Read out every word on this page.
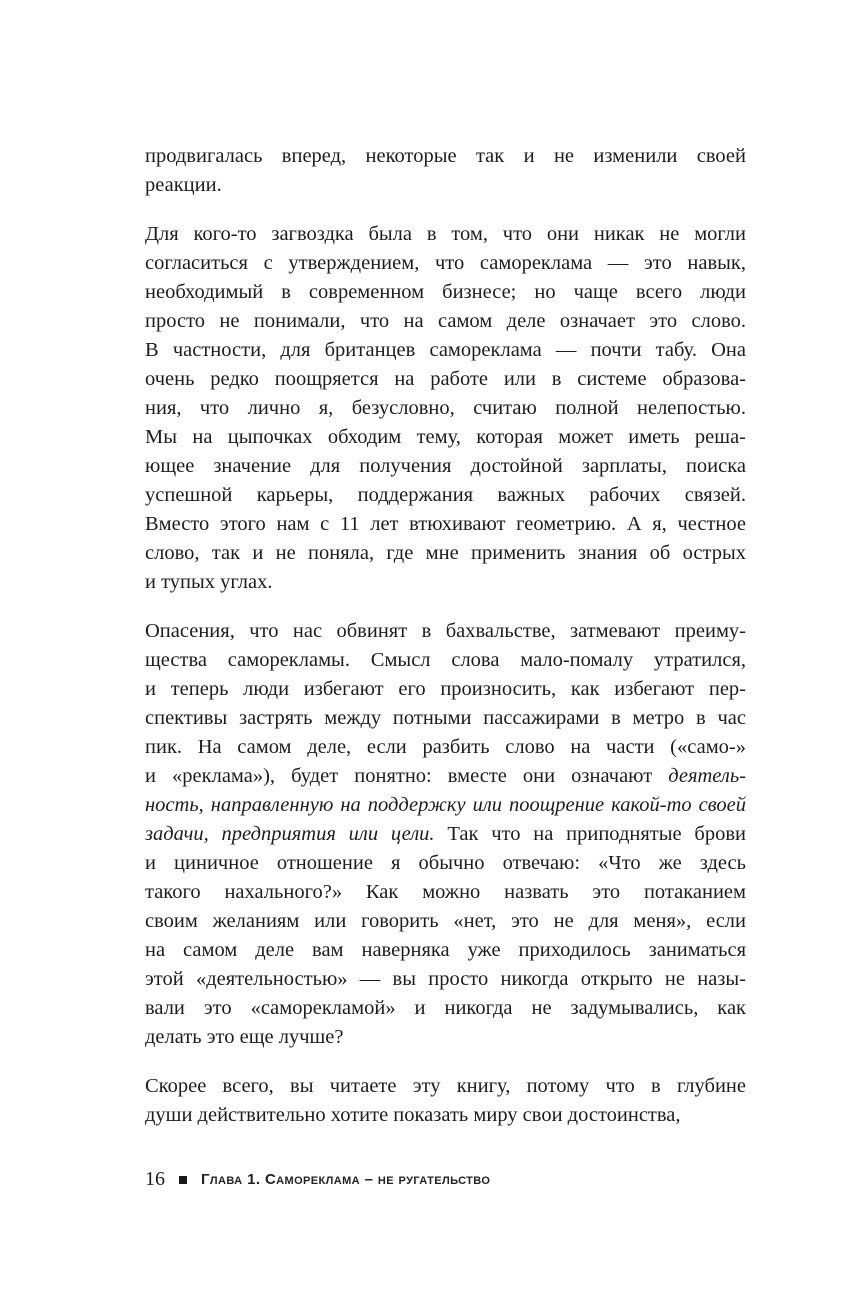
продвигалась вперед, некоторые так и не изменили своей
реакции.

Для кого-то загвоздка была в том, что они никак не могли
согласиться с утверждением, что самореклама — это навык,
необходимый в современном бизнесе; но чаще всего люди
просто не понимали, что на самом деле означает это слово.
В частности, для британцев самореклама — почти табу. Она
очень редко поощряется на работе или в системе образова-
ния, что лично я, безусловно, считаю полной нелепостью.
Мы на цыпочках обходим тему, которая может иметь реша-
ющее значение для получения достойной зарплаты, поиска
успешной карьеры, поддержания важных рабочих связей.
Вместо этого нам с 11 лет втюхивают геометрию. А я, честное
слово, так и не поняла, где мне применить знания об острых
и тупых углах.

Опасения, что нас обвинят в бахвальстве, затмевают преиму-
щества саморекламы. Смысл слова мало-помалу утратился,
и теперь люди избегают его произносить, как избегают пер-
спективы застрять между потными пассажирами в метро в час
пик. На самом деле, если разбить слово на части («само-»
и «реклама»), будет понятно: вместе они означают деятель-
ность, направленную на поддержку или поощрение какой-то своей
задачи, предприятия или цели. Так что на приподнятые брови
и циничное отношение я обычно отвечаю: «Что же здесь
такого нахального?» Как можно назвать это потаканием
своим желаниям или говорить «нет, это не для меня», если
на самом деле вам наверняка уже приходилось заниматься
этой «деятельностью» — вы просто никогда открыто не назы-
вали это «саморекламой» и никогда не задумывались, как
делать это еще лучше?

Скорее всего, вы читаете эту книгу, потому что в глубине
души действительно хотите показать миру свои достоинства,

16 Глава 1. Самореклама – не ругательство
